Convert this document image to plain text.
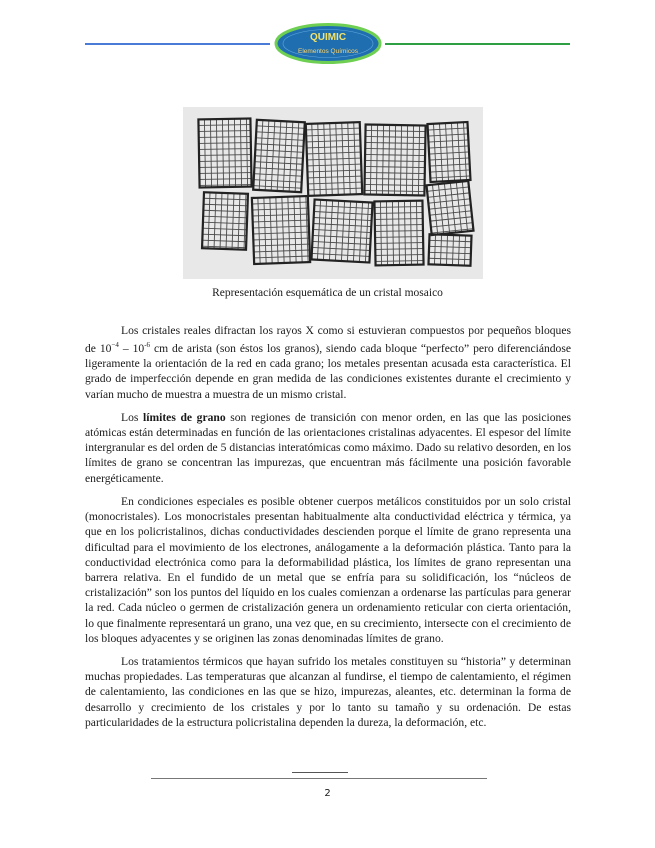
QUIMIC
Elementos Químicos
Representación esquemática de un cristal mosaico

Los cristales reales difractan los rayos X como si estuvieran compuestos por pequeños bloques de $10^{-4} - 10^{-6}$ cm de arista (son éstos los granos), siendo cada bloque “perfecto” pero diferenciándose ligeramente la orientación de la red en cada grano; los metales presentan acusada esta característica. El grado de imperfección depende en gran medida de las condiciones existentes durante el crecimiento y varían mucho de muestra a muestra de un mismo cristal.

Los límites de grano son regiones de transición con menor orden, en las que las posiciones atómicas están determinadas en función de las orientaciones cristalinas adyacentes. El espesor del límite intergranular es del orden de 5 distancias interatómicas como máximo. Dado su relativo desorden, en los límites de grano se concentran las impurezas, que encuentran más fácilmente una posición favorable energéticamente.

En condiciones especiales es posible obtener cuerpos metálicos constituidos por un solo cristal (monocristales). Los monocristales presentan habitualmente alta conductividad eléctrica y térmica, ya que en los policristalinos, dichas conductividades descienden porque el límite de grano representa una dificultad para el movimiento de los electrones, análogamente a la deformación plástica. Tanto para la conductividad electrónica como para la deformabilidad plástica, los límites de grano representan una barrera relativa. En el fundido de un metal que se enfría para su solidificación, los “núcleos de cristalización” son los puntos del líquido en los cuales comienzan a ordenarse las partículas para generar la red. Cada núcleo o germen de cristalización genera un ordenamiento reticular con cierta orientación, lo que finalmente representará un grano, una vez que, en su crecimiento, intersecte con el crecimiento de los bloques adyacentes y se originen las zonas denominadas límites de grano.

Los tratamientos térmicos que hayan sufrido los metales constituyen su “historia” y determinan muchas propiedades. Las temperaturas que alcanzan al fundirse, el tiempo de calentamiento, el régimen de calentamiento, las condiciones en las que se hizo, impurezas, aleantes, etc. determinan la forma de desarrollo y crecimiento de los cristales y por lo tanto su tamaño y su ordenación. De estas particularidades de la estructura policristalina dependen la dureza, la deformación, etc.

2
